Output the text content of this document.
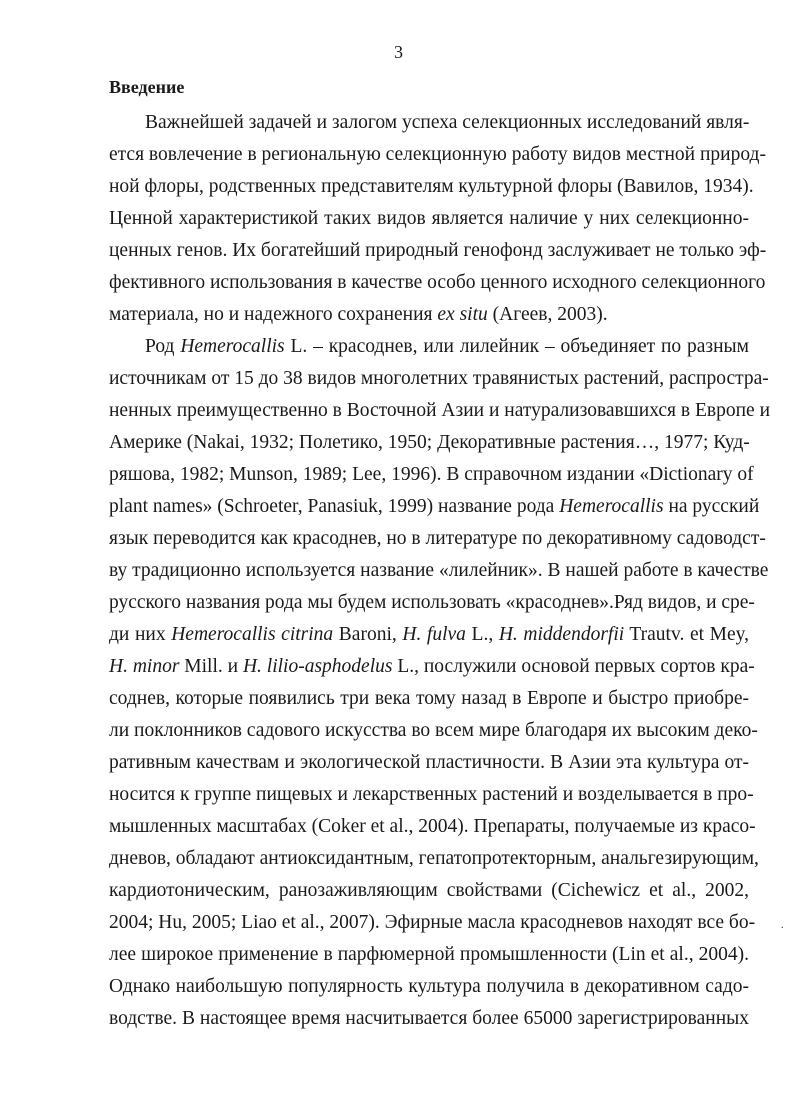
3
Введение
Важнейшей задачей и залогом успеха селекционных исследований явля-
ется вовлечение в региональную селекционную работу видов местной природ-
ной флоры, родственных представителям культурной флоры (Вавилов, 1934).
Ценной характеристикой таких видов является наличие у них селекционно-
ценных генов. Их богатейший природный генофонд заслуживает не только эф-
фективного использования в качестве особо ценного исходного селекционного
материала, но и надежного сохранения ex situ (Агеев, 2003).
Род Hemerocallis L. – красоднев, или лилейник – объединяет по разным
источникам от 15 до 38 видов многолетних травянистых растений, распростра-
ненных преимущественно в Восточной Азии и натурализовавшихся в Европе и
Америке (Nakai, 1932; Полетико, 1950; Декоративные растения…, 1977; Куд-
ряшова, 1982; Munson, 1989; Lee, 1996). В справочном издании «Dictionary of
plant names» (Schroeter, Panasiuk, 1999) название рода Hemerocallis на русский
язык переводится как красоднев, но в литературе по декоративному садоводст-
ву традиционно используется название «лилейник». В нашей работе в качестве
русского названия рода мы будем использовать «красоднев».Ряд видов, и сре-
ди них Hemerocallis citrina Baroni, H. fulva L., H. middendorfii Trautv. et Mey,
H. minor Mill. и H. lilio-asphodelus L., послужили основой первых сортов кра-
соднев, которые появились три века тому назад в Европе и быстро приобре-
ли поклонников садового искусства во всем мире благодаря их высоким деко-
ративным качествам и экологической пластичности. В Азии эта культура от-
носится к группе пищевых и лекарственных растений и возделывается в про-
мышленных масштабах (Coker et al., 2004). Препараты, получаемые из красо-
дневов, обладают антиоксидантным, гепатопротекторным, анальгезирующим,
кардиотоническим, ранозаживляющим свойствами (Cichewicz et al., 2002,
2004; Hu, 2005; Liao et al., 2007). Эфирные масла красодневов находят все бо-
лее широкое применение в парфюмерной промышленности (Lin et al., 2004).
Однако наибольшую популярность культура получила в декоративном садо-
водстве. В настоящее время насчитывается более 65000 зарегистрированных
.
